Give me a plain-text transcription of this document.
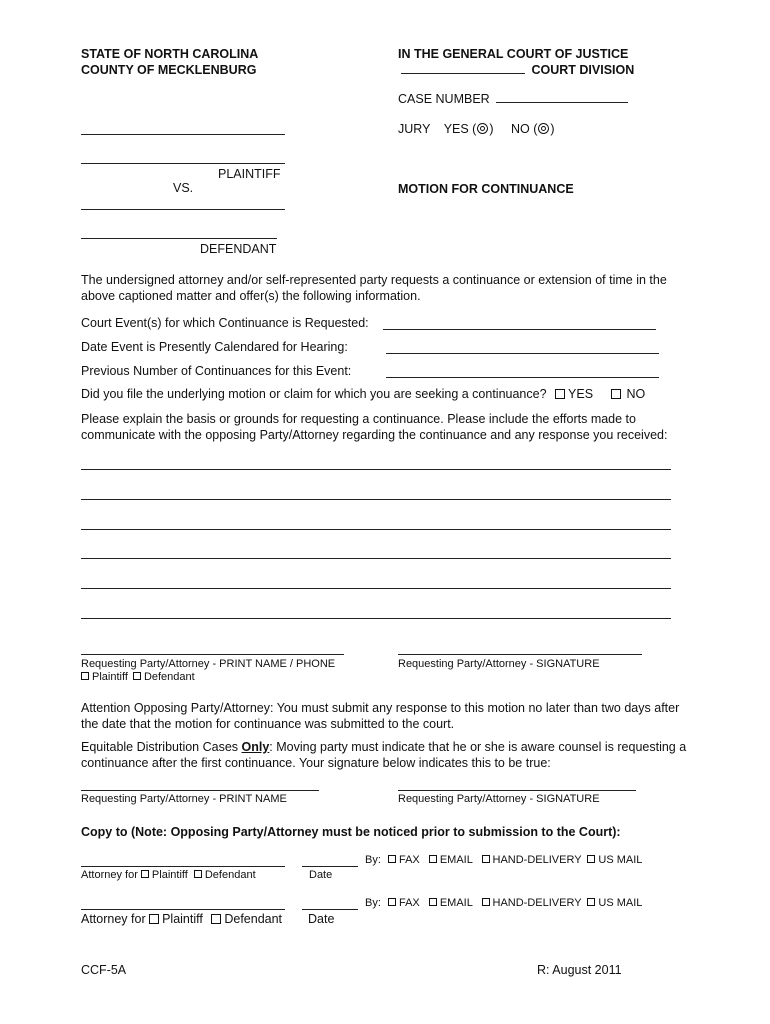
STATE OF NORTH CAROLINA
COUNTY OF MECKLENBURG
IN THE GENERAL COURT OF JUSTICE
COURT DIVISION
CASE NUMBER
JURY YES ( ) NO ( )
PLAINTIFF
VS.	MOTION FOR CONTINUANCE
DEFENDANT
The undersigned attorney and/or self-represented party requests a continuance or extension of time in the above captioned matter and offer(s) the following information.
Court Event(s) for which Continuance is Requested:
Date Event is Presently Calendared for Hearing:
Previous Number of Continuances for this Event:
Did you file the underlying motion or claim for which you are seeking a continuance? YES	NO
Please explain the basis or grounds for requesting a continuance. Please include the efforts made to communicate with the opposing Party/Attorney regarding the continuance and any response you received:
Requesting Party/Attorney - PRINT NAME / PHONE	Requesting Party/Attorney - SIGNATURE
Plaintiff Defendant
Attention Opposing Party/Attorney: You must submit any response to this motion no later than two days after the date that the motion for continuance was submitted to the court.
Equitable Distribution Cases Only: Moving party must indicate that he or she is aware counsel is requesting a continuance after the first continuance. Your signature below indicates this to be true:
Requesting Party/Attorney - PRINT NAME	Requesting Party/Attorney - SIGNATURE
Copy to (Note: Opposing Party/Attorney must be noticed prior to submission to the Court):
By: FAX EMAIL HAND-DELIVERY US MAIL
Attorney for Plaintiff Defendant	Date
By: FAX EMAIL HAND-DELIVERY US MAIL
Attorney for Plaintiff Defendant Date
CCF-5A	R: August 2011
